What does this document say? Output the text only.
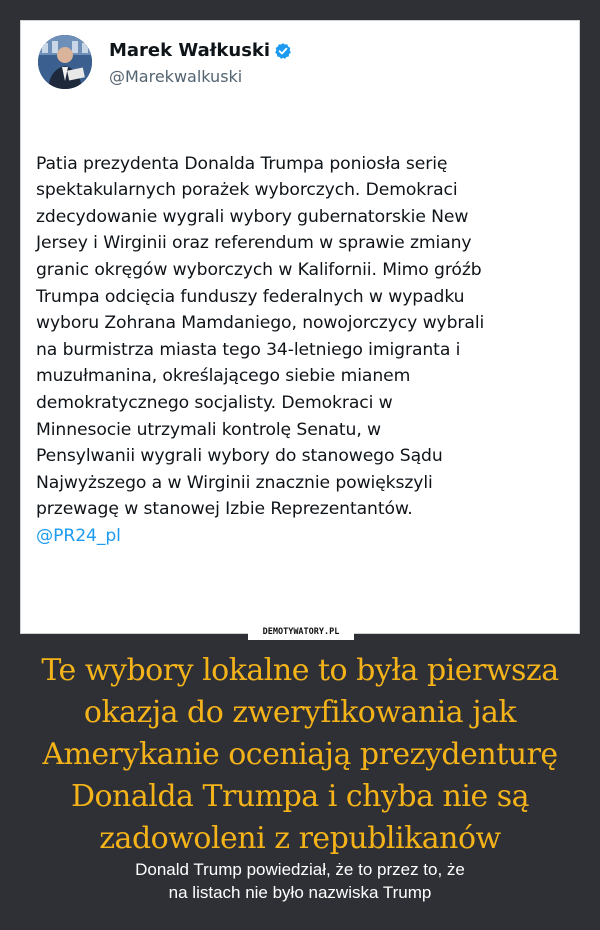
Marek Wałkuski
@Marekwalkuski

Patia prezydenta Donalda Trumpa poniosła serię
spektakularnych porażek wyborczych. Demokraci
zdecydowanie wygrali wybory gubernatorskie New
Jersey i Wirginii oraz referendum w sprawie zmiany
granic okręgów wyborczych w Kalifornii. Mimo gróźb
Trumpa odcięcia funduszy federalnych w wypadku
wyboru Zohrana Mamdaniego, nowojorczycy wybrali
na burmistrza miasta tego 34-letniego imigranta i
muzułmanina, określającego siebie mianem
demokratycznego socjalisty. Demokraci w
Minnesocie utrzymali kontrolę Senatu, w
Pensylwanii wygrali wybory do stanowego Sądu
Najwyższego a w Wirginii znacznie powiększyli
przewagę w stanowej Izbie Reprezentantów.

@PR24_pl

DEMOTYWATORY.PL
Te wybory lokalne to była pierwsza
okazja do zweryfikowania jak
Amerykanie oceniają prezydenturę
Donalda Trumpa i chyba nie są
zadowoleni z republikanów
Donald Trump powiedział, że to przez to, że
na listach nie było nazwiska Trump
